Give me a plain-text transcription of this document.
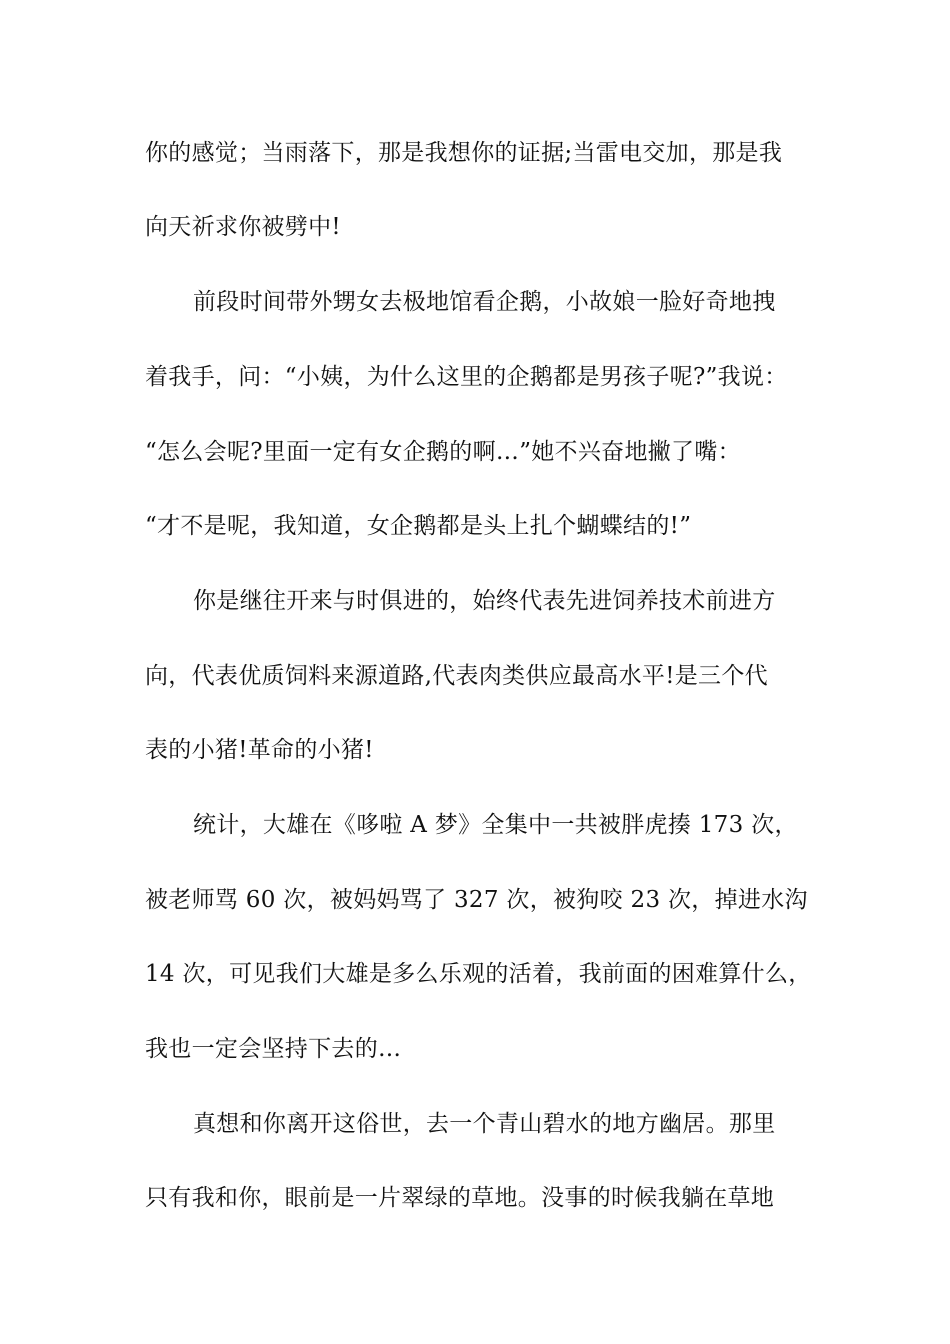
你的感觉；当雨落下，那是我想你的证据;当雷电交加，那是我
向天祈求你被劈中!
前段时间带外甥女去极地馆看企鹅，小故娘一脸好奇地拽
着我手，问：“小姨，为什么这里的企鹅都是男孩子呢?”我说：
“怎么会呢?里面一定有女企鹅的啊…”她不兴奋地撇了嘴：
“才不是呢，我知道，女企鹅都是头上扎个蝴蝶结的!”
你是继往开来与时俱进的，始终代表先进饲养技术前进方
向，代表优质饲料来源道路,代表肉类供应最高水平!是三个代
表的小猪!革命的小猪!
统计，大雄在《哆啦 A 梦》全集中一共被胖虎揍 173 次，
被老师骂 60 次，被妈妈骂了 327 次，被狗咬 23 次，掉进水沟
14 次，可见我们大雄是多么乐观的活着，我前面的困难算什么，
我也一定会坚持下去的…
真想和你离开这俗世，去一个青山碧水的地方幽居。那里
只有我和你，眼前是一片翠绿的草地。没事的时候我躺在草地
